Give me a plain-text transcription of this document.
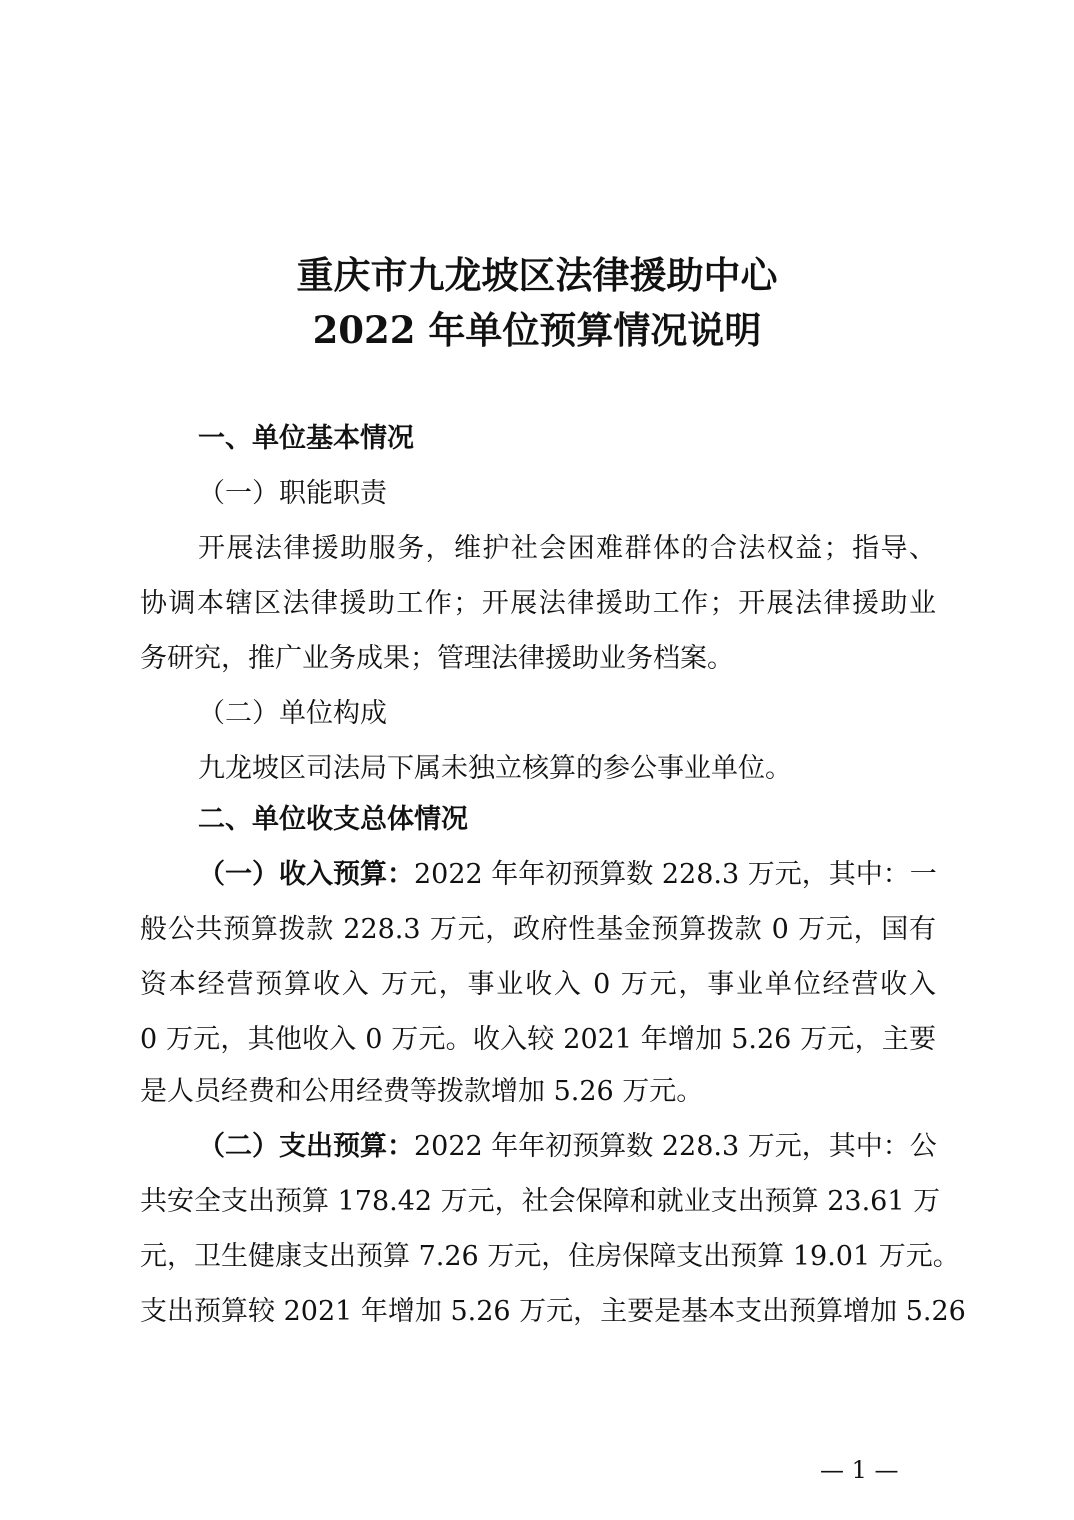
重庆市九龙坡区法律援助中心
2022 年单位预算情况说明
一、单位基本情况
（一）职能职责
开展法律援助服务，维护社会困难群体的合法权益；指导、
协调本辖区法律援助工作；开展法律援助工作；开展法律援助业
务研究，推广业务成果；管理法律援助业务档案。
（二）单位构成
九龙坡区司法局下属未独立核算的参公事业单位。
二、单位收支总体情况
（一）收入预算： 2022 年年初预算数 228.3 万元，其中：一
般公共预算拨款 228.3 万元，政府性基金预算拨款 0 万元，国有
资本经营预算收入 万元，事业收入 0 万元，事业单位经营收入
0 万元，其他收入 0 万元。收入较 2021 年增加 5.26 万元，主要
是人员经费和公用经费等拨款增加 5.26 万元。
（二）支出预算： 2022 年年初预算数 228.3 万元，其中：公
共安全支出预算 178.42 万元，社会保障和就业支出预算 23.61 万
元，卫生健康支出预算 7.26 万元，住房保障支出预算 19.01 万元。
支出预算较 2021 年增加 5.26 万元，主要是基本支出预算增加 5.26
— 1 —
